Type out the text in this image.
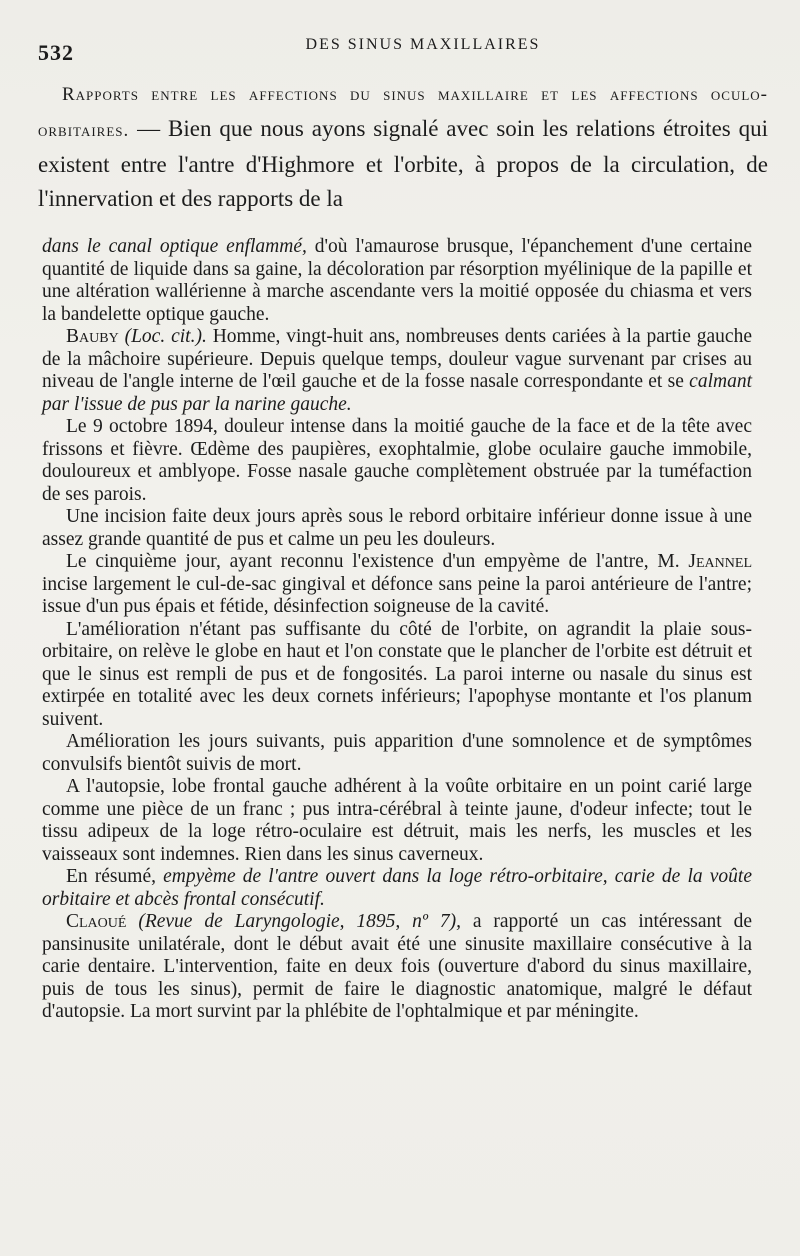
532	DES SINUS MAXILLAIRES

Rapports entre les affections du sinus maxillaire et les affections oculo-orbitaires. — Bien que nous ayons signalé avec soin les relations étroites qui existent entre l'antre d'Highmore et l'orbite, à propos de la circulation, de l'innervation et des rapports de la

dans le canal optique enflammé, d'où l'amaurose brusque, l'épanchement d'une certaine quantité de liquide dans sa gaine, la décoloration par résorption myélinique de la papille et une altération wallérienne à marche ascendante vers la moitié opposée du chiasma et vers la bandelette optique gauche.

Bauby (Loc. cit.). Homme, vingt-huit ans, nombreuses dents cariées à la partie gauche de la mâchoire supérieure. Depuis quelque temps, douleur vague survenant par crises au niveau de l'angle interne de l'œil gauche et de la fosse nasale correspondante et se calmant par l'issue de pus par la narine gauche.

Le 9 octobre 1894, douleur intense dans la moitié gauche de la face et de la tête avec frissons et fièvre. Œdème des paupières, exophtalmie, globe oculaire gauche immobile, douloureux et amblyope. Fosse nasale gauche complètement obstruée par la tuméfaction de ses parois.

Une incision faite deux jours après sous le rebord orbitaire inférieur donne issue à une assez grande quantité de pus et calme un peu les douleurs.

Le cinquième jour, ayant reconnu l'existence d'un empyème de l'antre, M. Jeannel incise largement le cul-de-sac gingival et défonce sans peine la paroi antérieure de l'antre; issue d'un pus épais et fétide, désinfection soigneuse de la cavité.

L'amélioration n'étant pas suffisante du côté de l'orbite, on agrandit la plaie sous-orbitaire, on relève le globe en haut et l'on constate que le plancher de l'orbite est détruit et que le sinus est rempli de pus et de fongosités. La paroi interne ou nasale du sinus est extirpée en totalité avec les deux cornets inférieurs; l'apophyse montante et l'os planum suivent.

Amélioration les jours suivants, puis apparition d'une somnolence et de symptômes convulsifs bientôt suivis de mort.

A l'autopsie, lobe frontal gauche adhérent à la voûte orbitaire en un point carié large comme une pièce de un franc ; pus intra-cérébral à teinte jaune, d'odeur infecte; tout le tissu adipeux de la loge rétro-oculaire est détruit, mais les nerfs, les muscles et les vaisseaux sont indemnes. Rien dans les sinus caverneux.

En résumé, empyème de l'antre ouvert dans la loge rétro-orbitaire, carie de la voûte orbitaire et abcès frontal consécutif.

Claoué (Revue de Laryngologie, 1895, nº 7), a rapporté un cas intéressant de pansinusite unilatérale, dont le début avait été une sinusite maxillaire consécutive à la carie dentaire. L'intervention, faite en deux fois (ouverture d'abord du sinus maxillaire, puis de tous les sinus), permit de faire le diagnostic anatomique, malgré le défaut d'autopsie. La mort survint par la phlébite de l'ophtalmique et par méningite.
